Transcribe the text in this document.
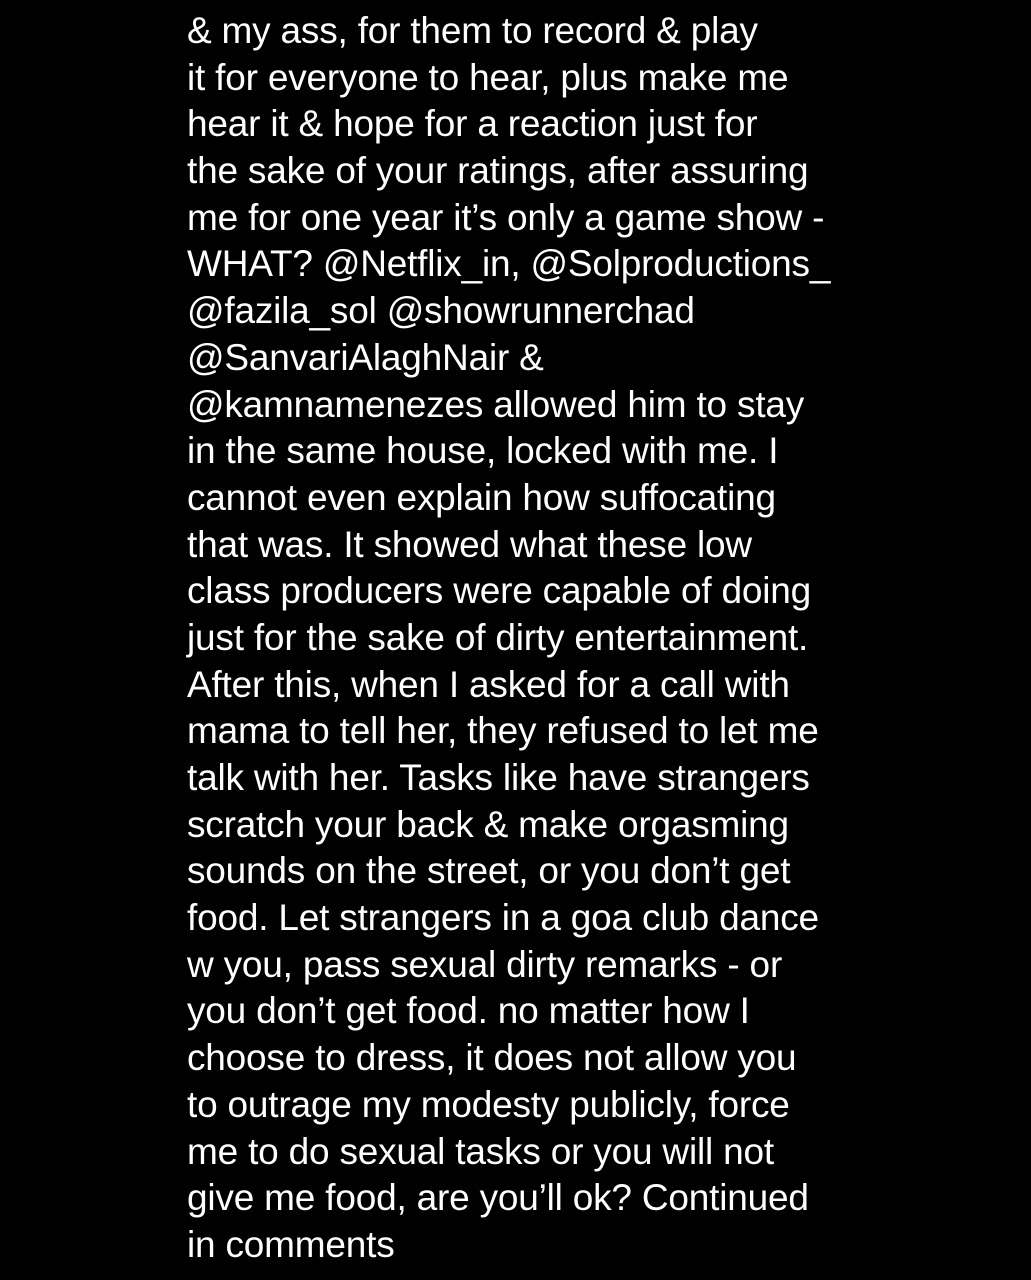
& my ass, for them to record & play
it for everyone to hear, plus make me
hear it & hope for a reaction just for
the sake of your ratings, after assuring
me for one year it’s only a game show -
WHAT? @Netflix_in, @Solproductions_
@fazila_sol @showrunnerchad
@SanvariAlaghNair &
@kamnamenezes allowed him to stay
in the same house, locked with me. I
cannot even explain how suffocating
that was. It showed what these low
class producers were capable of doing
just for the sake of dirty entertainment.
After this, when I asked for a call with
mama to tell her, they refused to let me
talk with her. Tasks like have strangers
scratch your back & make orgasming
sounds on the street, or you don’t get
food. Let strangers in a goa club dance
w you, pass sexual dirty remarks - or
you don’t get food. no matter how I
choose to dress, it does not allow you
to outrage my modesty publicly, force
me to do sexual tasks or you will not
give me food, are you’ll ok? Continued
in comments
